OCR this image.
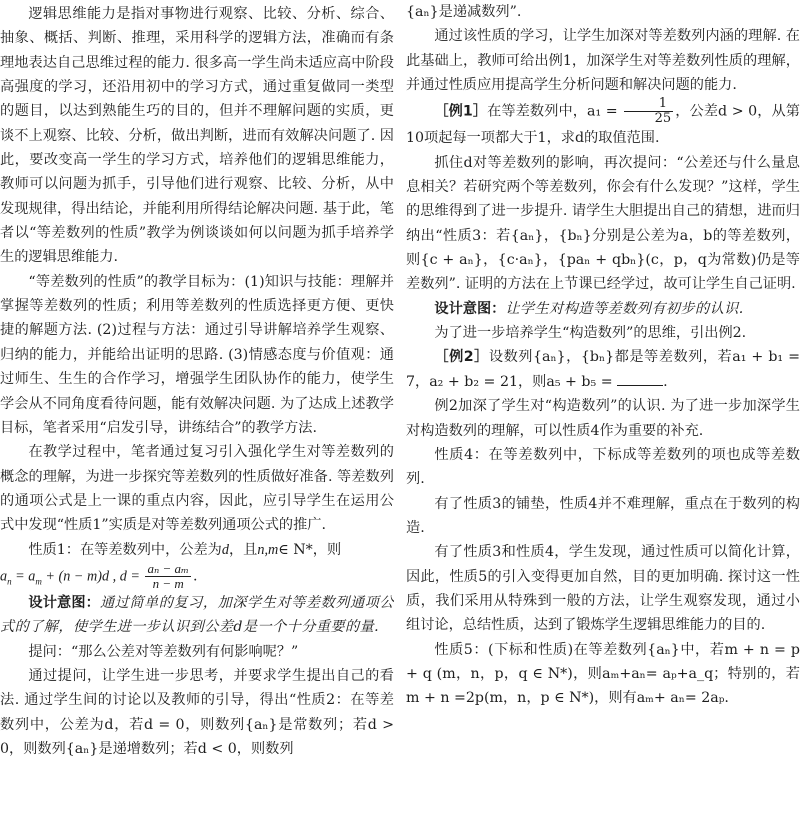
逻辑思维能力是指对事物进行观察、比较、分析、综合、抽象、概括、判断、推理，采用科学的逻辑方法，准确而有条理地表达自己思维过程的能力. 很多高一学生尚未适应高中阶段高强度的学习，还沿用初中的学习方式，通过重复做同一类型的题目，以达到熟能生巧的目的，但并不理解问题的实质，更谈不上观察、比较、分析，做出判断，进而有效解决问题了. 因此，要改变高一学生的学习方式，培养他们的逻辑思维能力，教师可以问题为抓手，引导他们进行观察、比较、分析，从中发现规律，得出结论，并能利用所得结论解决问题. 基于此，笔者以“等差数列的性质”教学为例谈谈如何以问题为抓手培养学生的逻辑思维能力.

“等差数列的性质”的教学目标为：(1)知识与技能：理解并掌握等差数列的性质；利用等差数列的性质选择更方便、更快捷的解题方法. (2)过程与方法：通过引导讲解培养学生观察、归纳的能力，并能给出证明的思路. (3)情感态度与价值观：通过师生、生生的合作学习，增强学生团队协作的能力，使学生学会从不同角度看待问题，能有效解决问题. 为了达成上述教学目标，笔者采用“启发引导，讲练结合”的教学方法.

在教学过程中，笔者通过复习引入强化学生对等差数列的概念的理解，为进一步探究等差数列的性质做好准备. 等差数列的通项公式是上一课的重点内容，因此，应引导学生在运用公式中发现“性质1”实质是对等差数列通项公式的推广.

性质1：在等差数列中，公差为d，且n,m∈ N*，则

$a_n = a_m + (n - m)d$ , $d = \frac{\text{aₙ − aₘ}}{n - m}$ .

设计意图：通过简单的复习，加深学生对等差数列通项公式的了解，使学生进一步认识到公差d是一个十分重要的量.

提问：“那么公差对等差数列有何影响呢？”

通过提问，让学生进一步思考，并要求学生提出自己的看法. 通过学生间的讨论以及教师的引导，得出“性质2：在等差数列中，公差为d，若d = 0，则数列{aₙ}是常数列；若d > 0，则数列{aₙ}是递增数列；若d < 0，则数列

{aₙ}是递减数列”.

通过该性质的学习，让学生加深对等差数列内涵的理解. 在此基础上，教师可给出例1，加深学生对等差数列性质的理解，并通过性质应用提高学生分析问题和解决问题的能力.

［例1］在等差数列中，$a_1 = \frac{1}{25}$ ，公差d > 0，从第10项起每一项都大于1，求d的取值范围.

抓住d对等差数列的影响，再次提问：“公差还与什么量息息相关？若研究两个等差数列，你会有什么发现？”这样，学生的思维得到了进一步提升. 请学生大胆提出自己的猜想，进而归纳出“性质3：若{aₙ}，{bₙ}分别是公差为a，b的等差数列，则{c + aₙ}，{c·aₙ}，{paₙ + qbₙ}(c，p，q为常数)仍是等差数列”. 证明的方法在上节课已经学过，故可让学生自己证明.

设计意图：让学生对构造等差数列有初步的认识.

为了进一步培养学生“构造数列”的思维，引出例2.

［例2］设数列{aₙ}，{bₙ}都是等差数列，若a₁ + b₁ = 7，a₂ + b₂ = 21，则a₅ + b₅ =	.

例2加深了学生对“构造数列”的认识. 为了进一步加深学生对构造数列的理解，可以性质4作为重要的补充.

性质4：在等差数列中，下标成等差数列的项也成等差数列.

有了性质3的铺垫，性质4并不难理解，重点在于数列的构造.

有了性质3和性质4，学生发现，通过性质可以简化计算，因此，性质5的引入变得更加自然，目的更加明确. 探讨这一性质，我们采用从特殊到一般的方法，让学生观察发现，通过小组讨论，总结性质，达到了锻炼学生逻辑思维能力的目的.

性质5：(下标和性质)在等差数列{aₙ}中，若m + n = p + q (m，n，p，q ∈ N*)，则aₘ+aₙ= aₚ+a_q；特别的，若m + n =2p(m，n，p ∈ N*)，则有aₘ+ aₙ= 2aₚ.
